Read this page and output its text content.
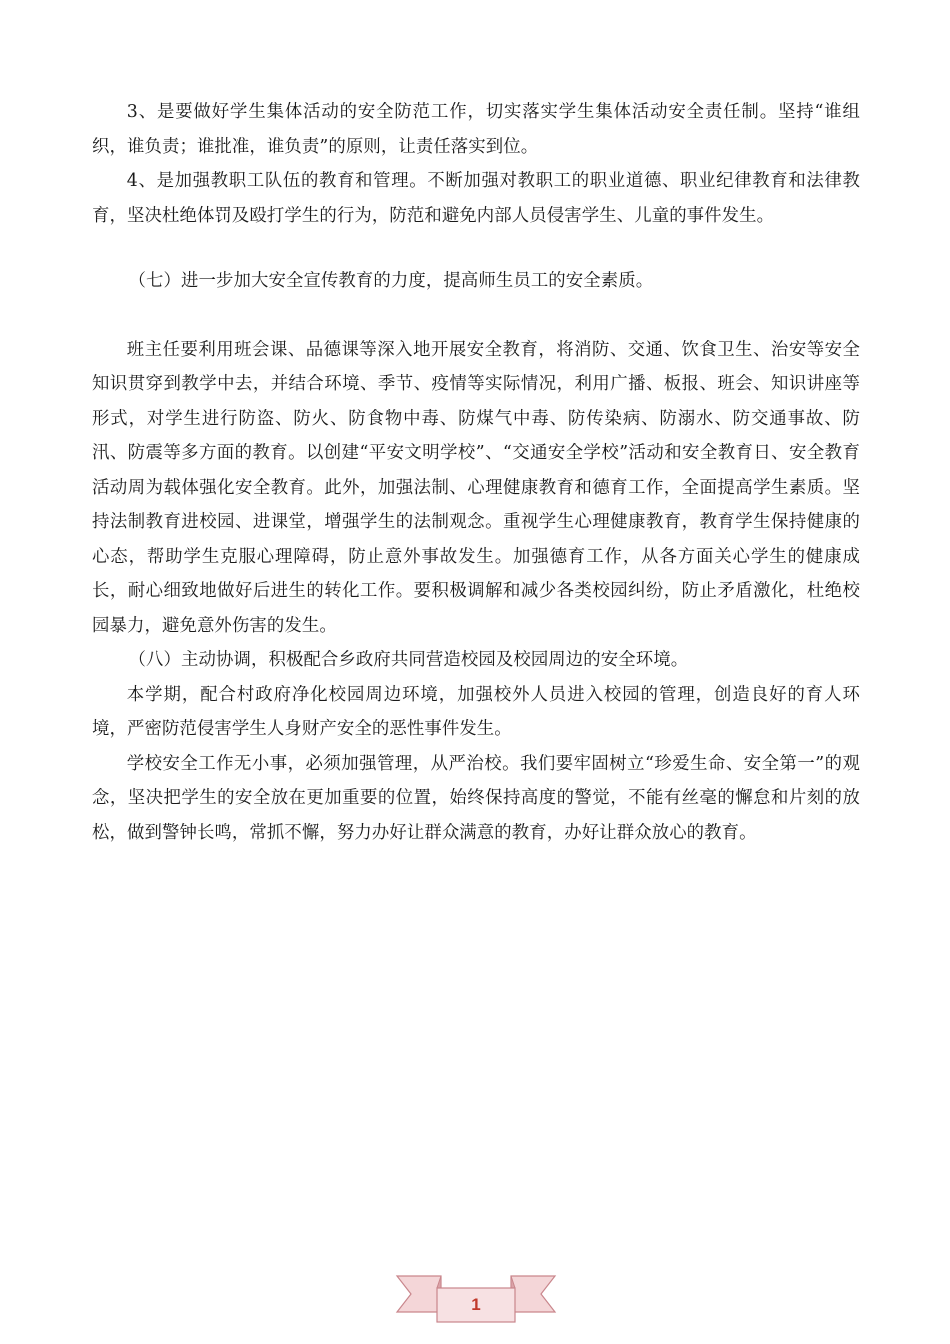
3、是要做好学生集体活动的安全防范工作，切实落实学生集体活动安全责任制。坚持“谁组织，谁负责；谁批准，谁负责”的原则，让责任落实到位。

4、是加强教职工队伍的教育和管理。不断加强对教职工的职业道德、职业纪律教育和法律教育，坚决杜绝体罚及殴打学生的行为，防范和避免内部人员侵害学生、儿童的事件发生。

（七）进一步加大安全宣传教育的力度，提高师生员工的安全素质。

班主任要利用班会课、品德课等深入地开展安全教育，将消防、交通、饮食卫生、治安等安全知识贯穿到教学中去，并结合环境、季节、疫情等实际情况，利用广播、板报、班会、知识讲座等形式，对学生进行防盗、防火、防食物中毒、防煤气中毒、防传染病、防溺水、防交通事故、防汛、防震等多方面的教育。以创建“平安文明学校”、“交通安全学校”活动和安全教育日、安全教育活动周为载体强化安全教育。此外，加强法制、心理健康教育和德育工作，全面提高学生素质。坚持法制教育进校园、进课堂，增强学生的法制观念。重视学生心理健康教育，教育学生保持健康的心态，帮助学生克服心理障碍，防止意外事故发生。加强德育工作，从各方面关心学生的健康成长，耐心细致地做好后进生的转化工作。要积极调解和减少各类校园纠纷，防止矛盾激化，杜绝校园暴力，避免意外伤害的发生。

（八）主动协调，积极配合乡政府共同营造校园及校园周边的安全环境。

本学期，配合村政府净化校园周边环境，加强校外人员进入校园的管理，创造良好的育人环境，严密防范侵害学生人身财产安全的恶性事件发生。

学校安全工作无小事，必须加强管理，从严治校。我们要牢固树立“珍爱生命、安全第一”的观念，坚决把学生的安全放在更加重要的位置，始终保持高度的警觉，不能有丝毫的懈怠和片刻的放松，做到警钟长鸣，常抓不懈，努力办好让群众满意的教育，办好让群众放心的教育。

1
